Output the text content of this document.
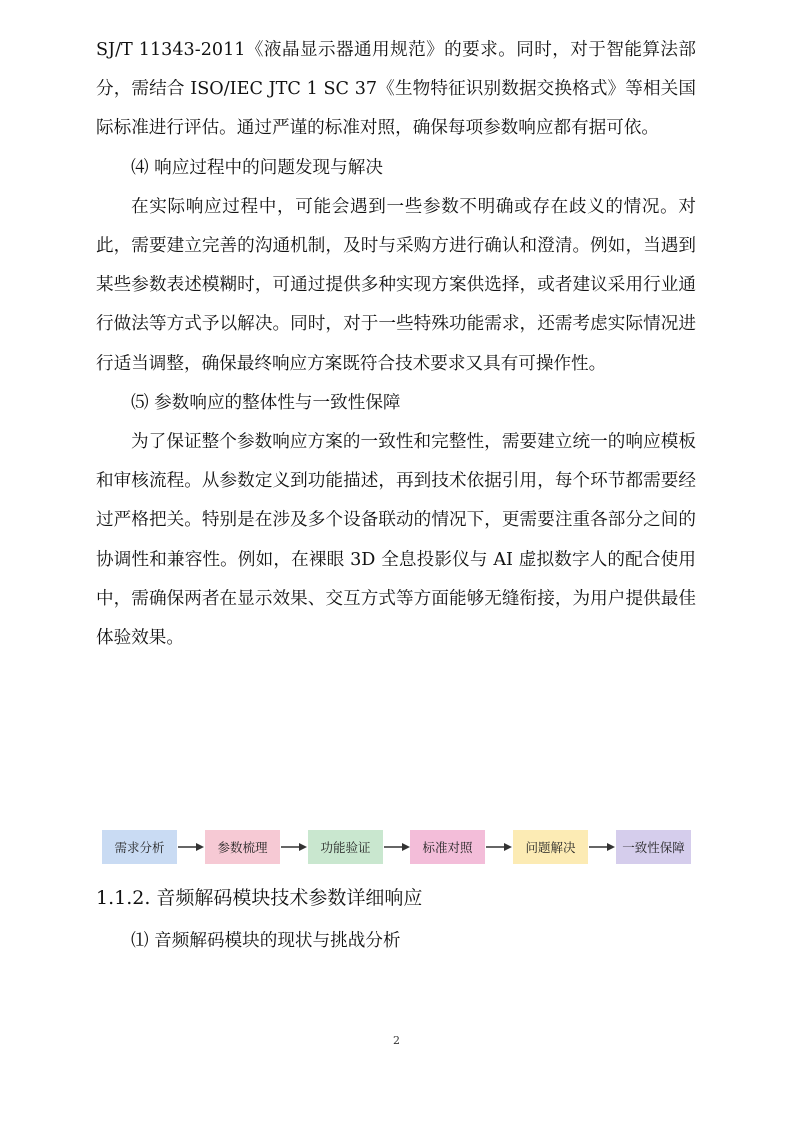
SJ/T 11343-2011《液晶显示器通用规范》的要求。同时，对于智能算法部分，需结合 ISO/IEC JTC 1 SC 37《生物特征识别数据交换格式》等相关国际标准进行评估。通过严谨的标准对照，确保每项参数响应都有据可依。

⑷ 响应过程中的问题发现与解决

在实际响应过程中，可能会遇到一些参数不明确或存在歧义的情况。对此，需要建立完善的沟通机制，及时与采购方进行确认和澄清。例如，当遇到某些参数表述模糊时，可通过提供多种实现方案供选择，或者建议采用行业通行做法等方式予以解决。同时，对于一些特殊功能需求，还需考虑实际情况进行适当调整，确保最终响应方案既符合技术要求又具有可操作性。

⑸ 参数响应的整体性与一致性保障

为了保证整个参数响应方案的一致性和完整性，需要建立统一的响应模板和审核流程。从参数定义到功能描述，再到技术依据引用，每个环节都需要经过严格把关。特别是在涉及多个设备联动的情况下，更需要注重各部分之间的协调性和兼容性。例如，在裸眼 3D 全息投影仪与 AI 虚拟数字人的配合使用中，需确保两者在显示效果、交互方式等方面能够无缝衔接，为用户提供最佳体验效果。

需求分析	参数梳理	功能验证	标准对照	问题解决	一致性保障
1.1.2. 音频解码模块技术参数详细响应

⑴ 音频解码模块的现状与挑战分析

2
